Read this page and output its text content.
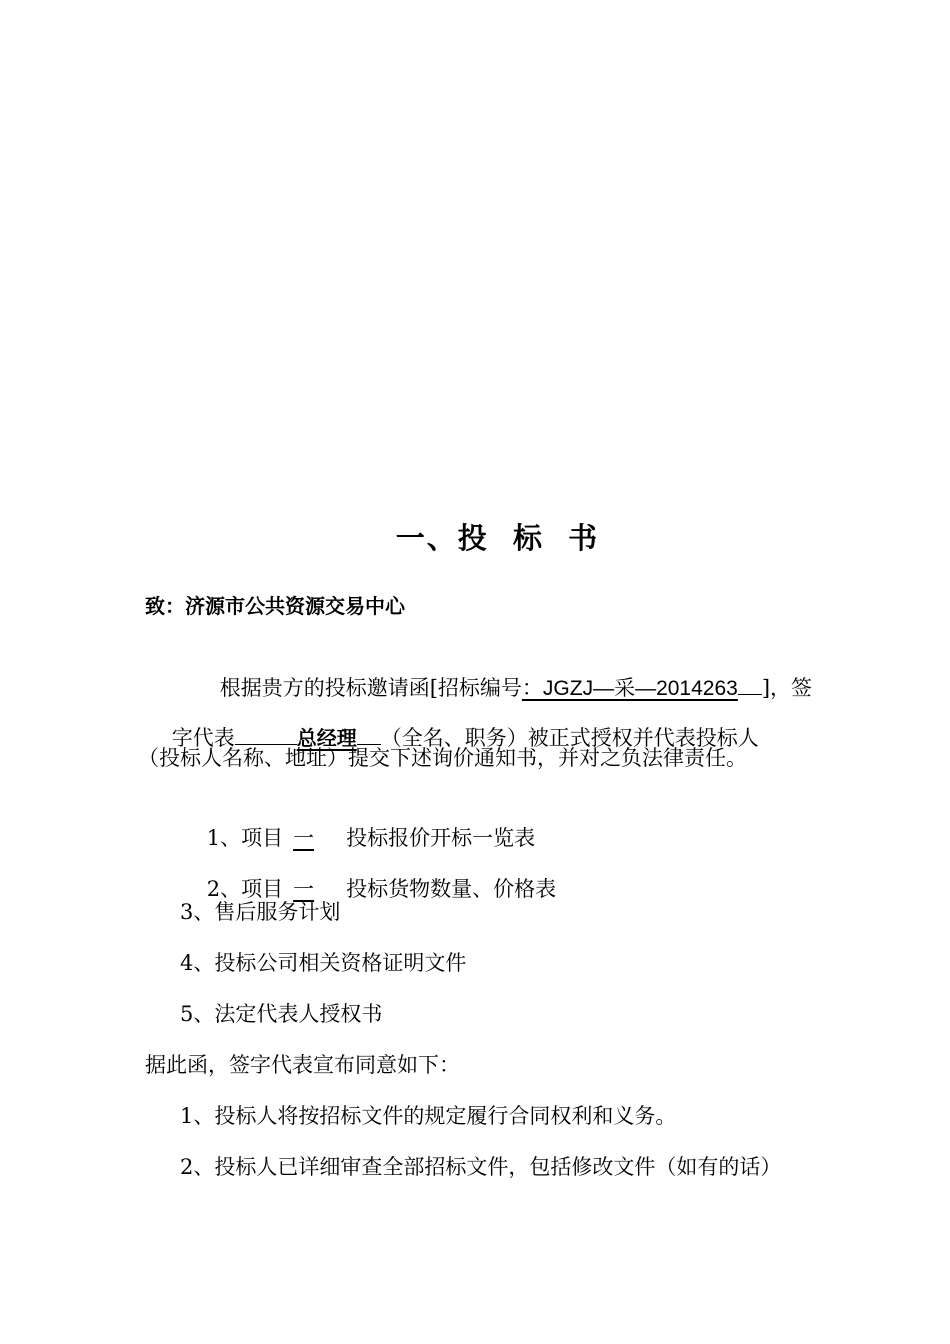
一、投  标  书
致：济源市公共资源交易中心

根据贵方的投标邀请函[招标编号：JGZJ—采—2014263 ]，签

字代表	总经理 （全名、职务）被正式授权并代表投标人

（投标人名称、地址）提交下述询价通知书，并对之负法律责任。

1、项目 一 投标报价开标一览表

2、项目 一 投标货物数量、价格表

3、售后服务计划
4、投标公司相关资格证明文件
5、法定代表人授权书
据此函，签字代表宣布同意如下：
1、投标人将按招标文件的规定履行合同权利和义务。
2、投标人已详细审查全部招标文件，包括修改文件（如有的话）
